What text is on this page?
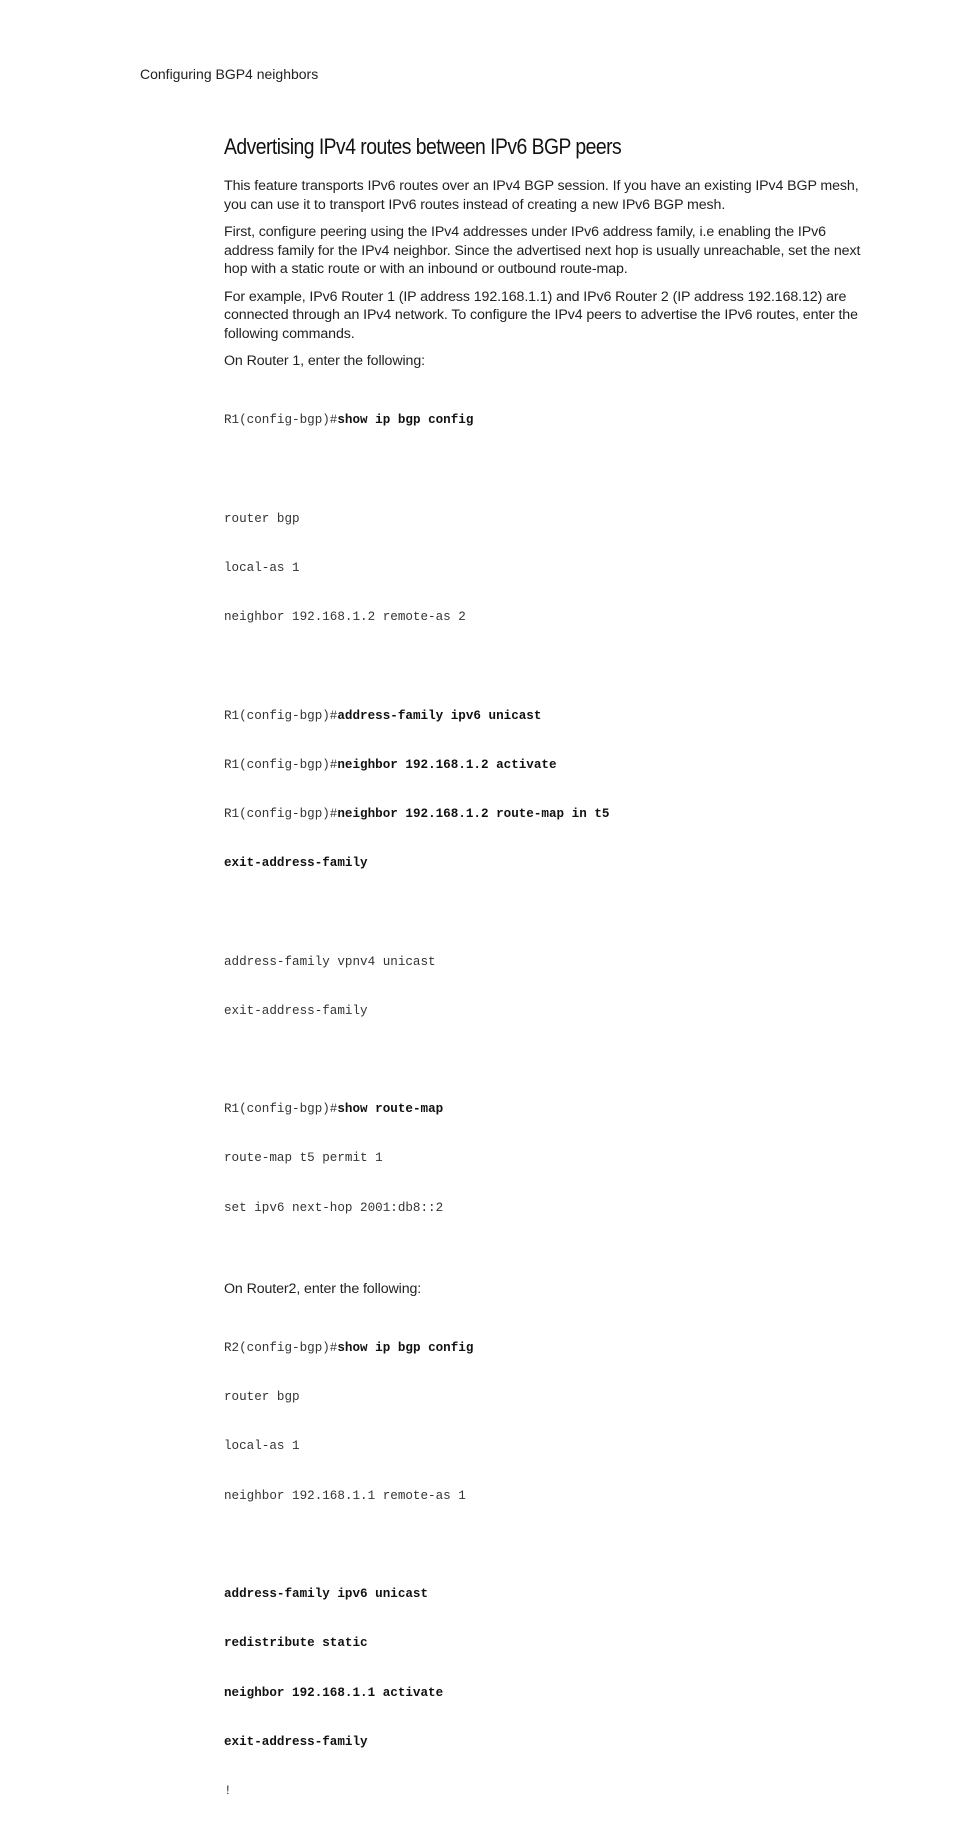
Configuring BGP4 neighbors
Advertising IPv4 routes between IPv6 BGP peers

This feature transports IPv6 routes over an IPv4 BGP session. If you have an existing IPv4 BGP mesh, you can use it to transport IPv6 routes instead of creating a new IPv6 BGP mesh.

First, configure peering using the IPv4 addresses under IPv6 address family, i.e enabling the IPv6 address family for the IPv4 neighbor. Since the advertised next hop is usually unreachable, set the next hop with a static route or with an inbound or outbound route-map.

For example, IPv6 Router 1 (IP address 192.168.1.1) and IPv6 Router 2 (IP address 192.168.12) are connected through an IPv4 network. To configure the IPv4 peers to advertise the IPv6 routes, enter the following commands.

On Router 1, enter the following:

R1(config-bgp)#show ip bgp config

router bgp

local-as 1

neighbor 192.168.1.2 remote-as 2

R1(config-bgp)#address-family ipv6 unicast

R1(config-bgp)#neighbor 192.168.1.2 activate

R1(config-bgp)#neighbor 192.168.1.2 route-map in t5

exit-address-family

address-family vpnv4 unicast

exit-address-family

R1(config-bgp)#show route-map

route-map t5 permit 1

set ipv6 next-hop 2001:db8::2

On Router2, enter the following:

R2(config-bgp)#show ip bgp config

router bgp

local-as 1

neighbor 192.168.1.1 remote-as 1

address-family ipv6 unicast

redistribute static

neighbor 192.168.1.1 activate

exit-address-family

!
